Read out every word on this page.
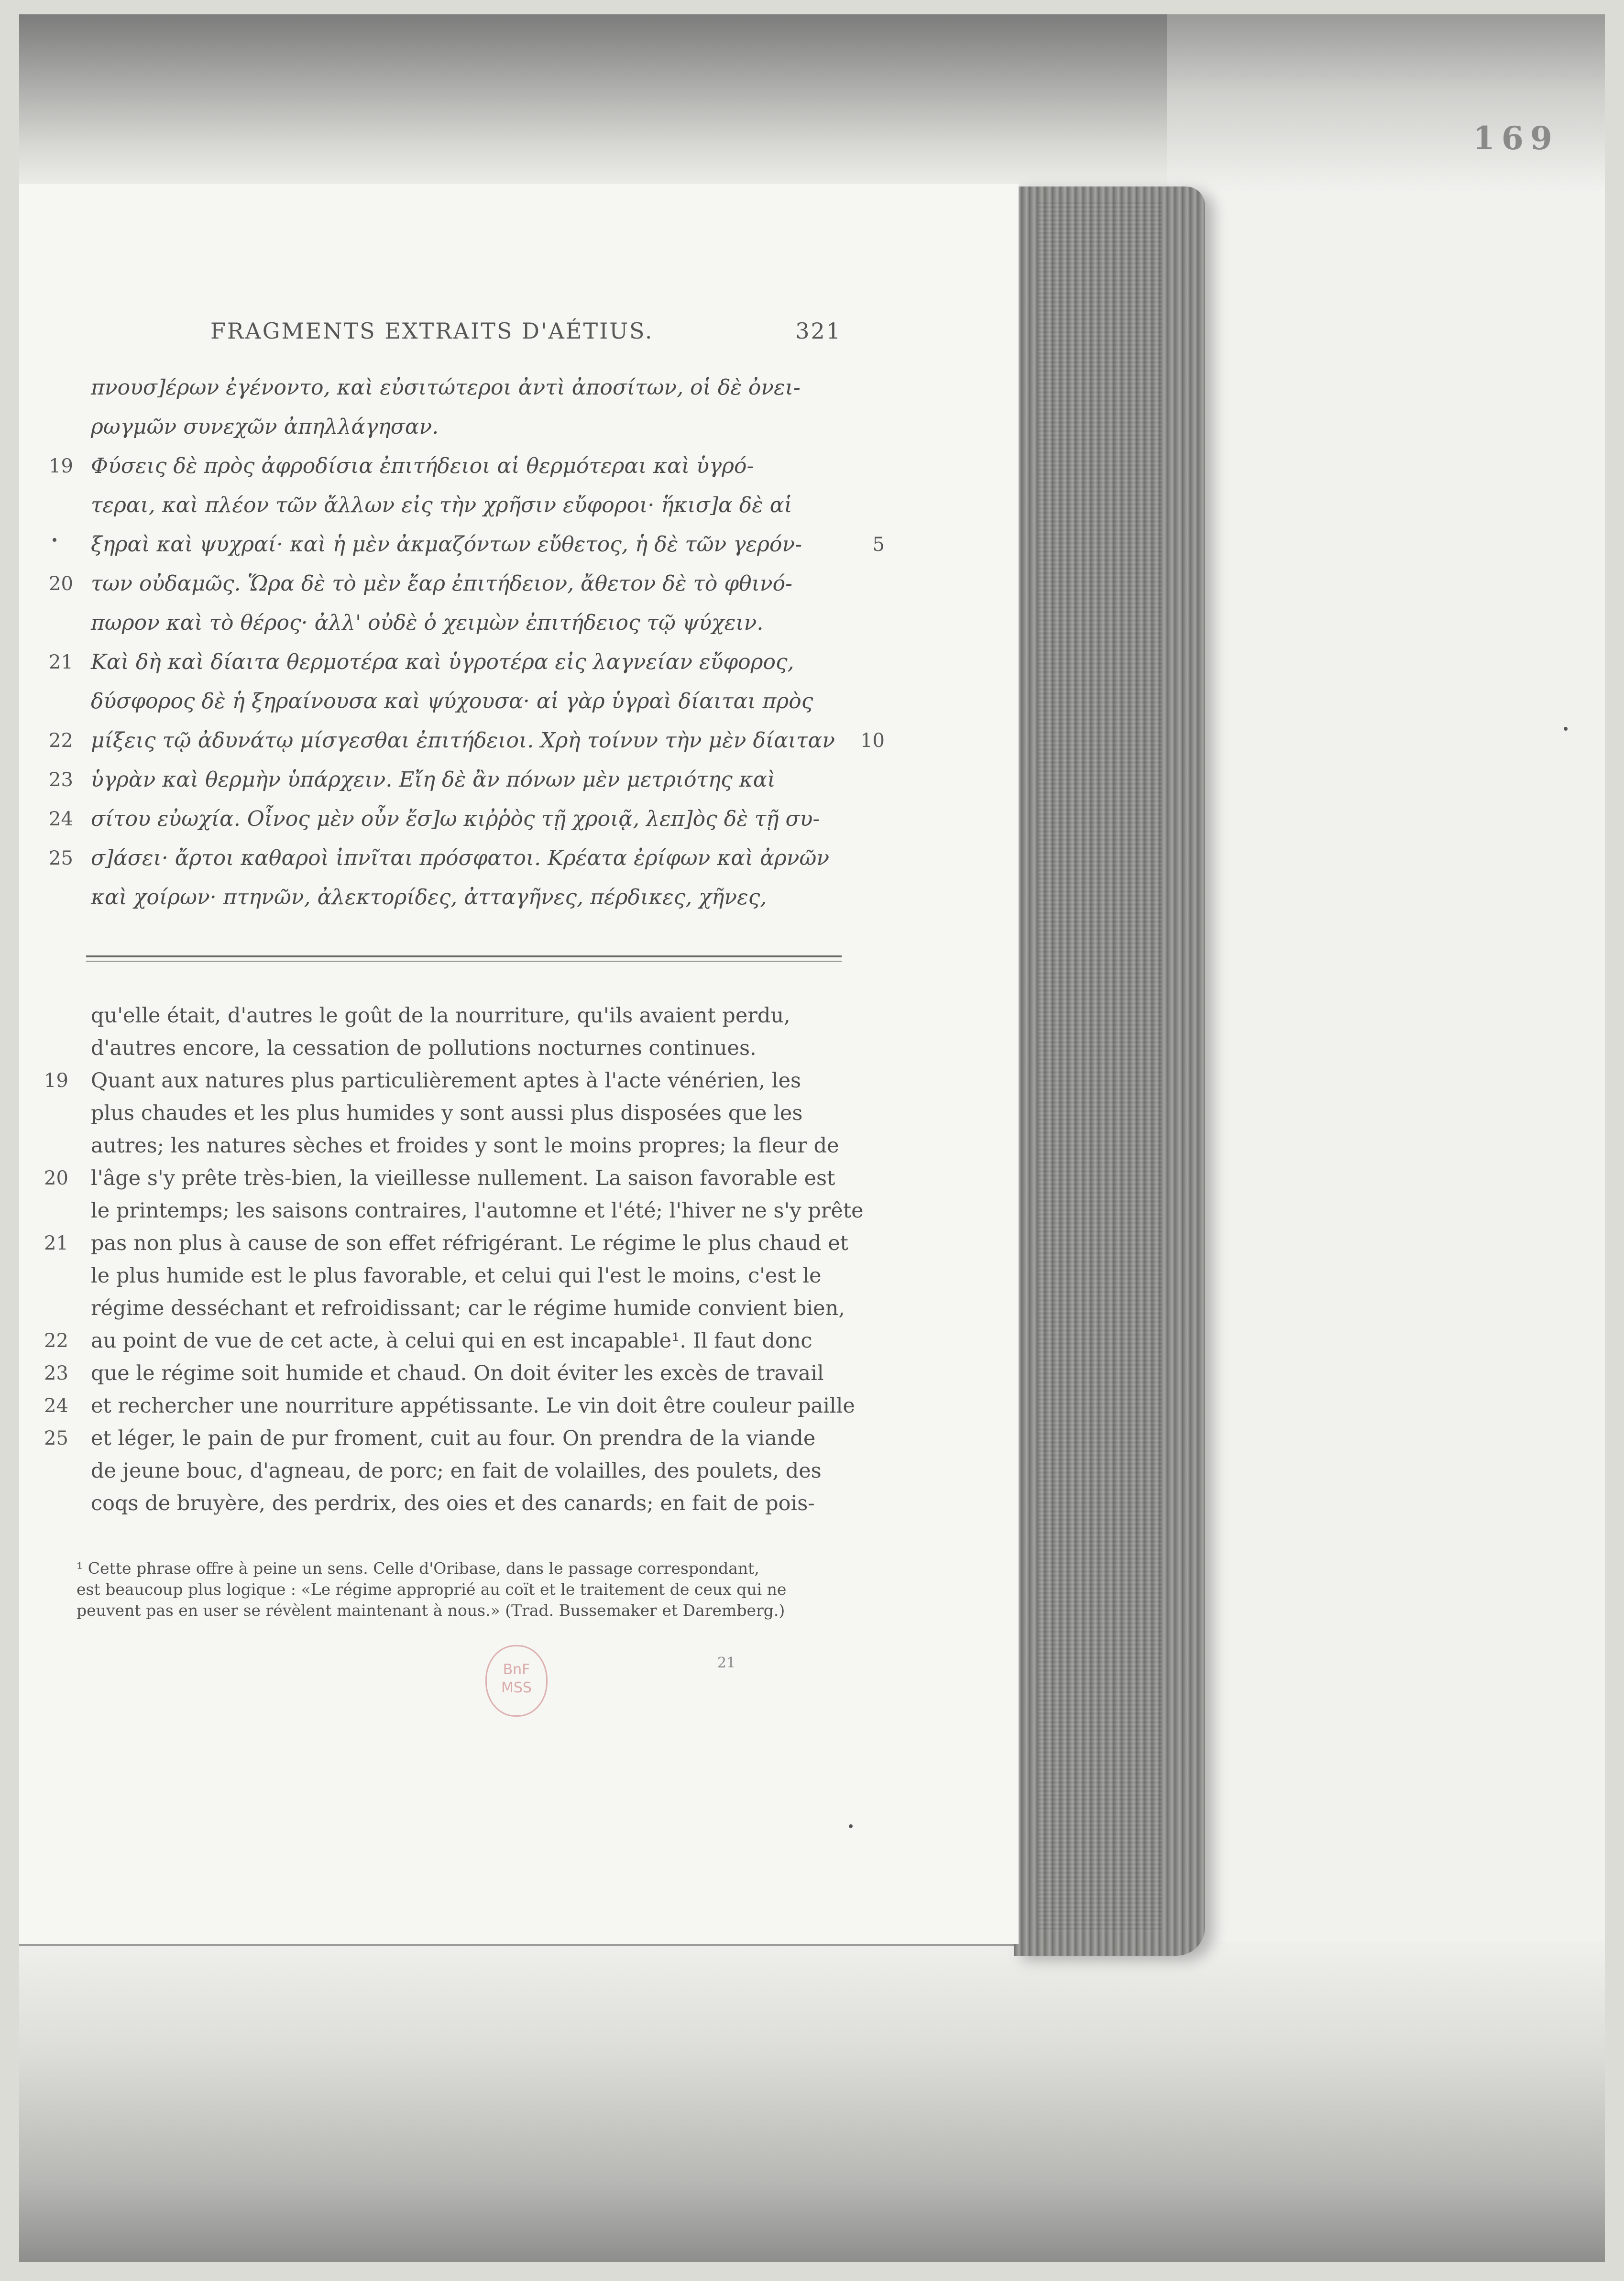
169
FRAGMENTS EXTRAITS D'AÉTIUS.	321
πνουσ]έρων ἐγένοντο, καὶ εὐσιτώτεροι ἀντὶ ἀποσίτων, οἱ δὲ ὀνει-
ρωγμῶν συνεχῶν ἀπηλλάγησαν.
Φύσεις δὲ πρὸς ἀφροδίσια ἐπιτήδειοι αἱ θερμότεραι καὶ ὑγρό-
19
τεραι, καὶ πλέον τῶν ἄλλων εἰς τὴν χρῆσιν εὔφοροι· ἥκισ]α δὲ αἱ
ξηραὶ καὶ ψυχραί· καὶ ἡ μὲν ἀκμαζόντων εὔθετος, ἡ δὲ τῶν γερόν-	5
των οὐδαμῶς. Ὥρα δὲ τὸ μὲν ἔαρ ἐπιτήδειον, ἄθετον δὲ τὸ φθινό-
20
πωρον καὶ τὸ θέρος· ἀλλ' οὐδὲ ὁ χειμὼν ἐπιτήδειος τῷ ψύχειν.
Καὶ δὴ καὶ δίαιτα θερμοτέρα καὶ ὑγροτέρα εἰς λαγνείαν εὔφορος,
21
δύσφορος δὲ ἡ ξηραίνουσα καὶ ψύχουσα· αἱ γὰρ ὑγραὶ δίαιται πρὸς
μίξεις τῷ ἀδυνάτῳ μίσγεσθαι ἐπιτήδειοι. Χρὴ τοίνυν τὴν μὲν δίαιταν
22	10
ὑγρὰν καὶ θερμὴν ὑπάρχειν. Εἴη δὲ ἂν πόνων μὲν μετριότης καὶ
23
σίτου εὐωχία. Οἶνος μὲν οὖν ἔσ]ω κιῤῥὸς τῇ χροιᾷ, λεπ]ὸς δὲ τῇ συ-
24
σ]άσει· ἄρτοι καθαροὶ ἰπνῖται πρόσφατοι. Κρέατα ἐρίφων καὶ ἀρνῶν
25
καὶ χοίρων· πτηνῶν, ἀλεκτορίδες, ἀτταγῆνες, πέρδικες, χῆνες,
qu'elle était, d'autres le goût de la nourriture, qu'ils avaient perdu,
d'autres encore, la cessation de pollutions nocturnes continues.
Quant aux natures plus particulièrement aptes à l'acte vénérien, les
19
plus chaudes et les plus humides y sont aussi plus disposées que les
autres; les natures sèches et froides y sont le moins propres; la fleur de
l'âge s'y prête très-bien, la vieillesse nullement. La saison favorable est
20
le printemps; les saisons contraires, l'automne et l'été; l'hiver ne s'y prête
pas non plus à cause de son effet réfrigérant. Le régime le plus chaud et
21
le plus humide est le plus favorable, et celui qui l'est le moins, c'est le
régime desséchant et refroidissant; car le régime humide convient bien,
au point de vue de cet acte, à celui qui en est incapable¹. Il faut donc
22
que le régime soit humide et chaud. On doit éviter les excès de travail
23
et rechercher une nourriture appétissante. Le vin doit être couleur paille
24
et léger, le pain de pur froment, cuit au four. On prendra de la viande
25
de jeune bouc, d'agneau, de porc; en fait de volailles, des poulets, des
coqs de bruyère, des perdrix, des oies et des canards; en fait de pois-
¹ Cette phrase offre à peine un sens. Celle d'Oribase, dans le passage correspondant,
est beaucoup plus logique : «Le régime approprié au coït et le traitement de ceux qui ne
peuvent pas en user se révèlent maintenant à nous.» (Trad. Bussemaker et Daremberg.)
BnF
MSS
21
